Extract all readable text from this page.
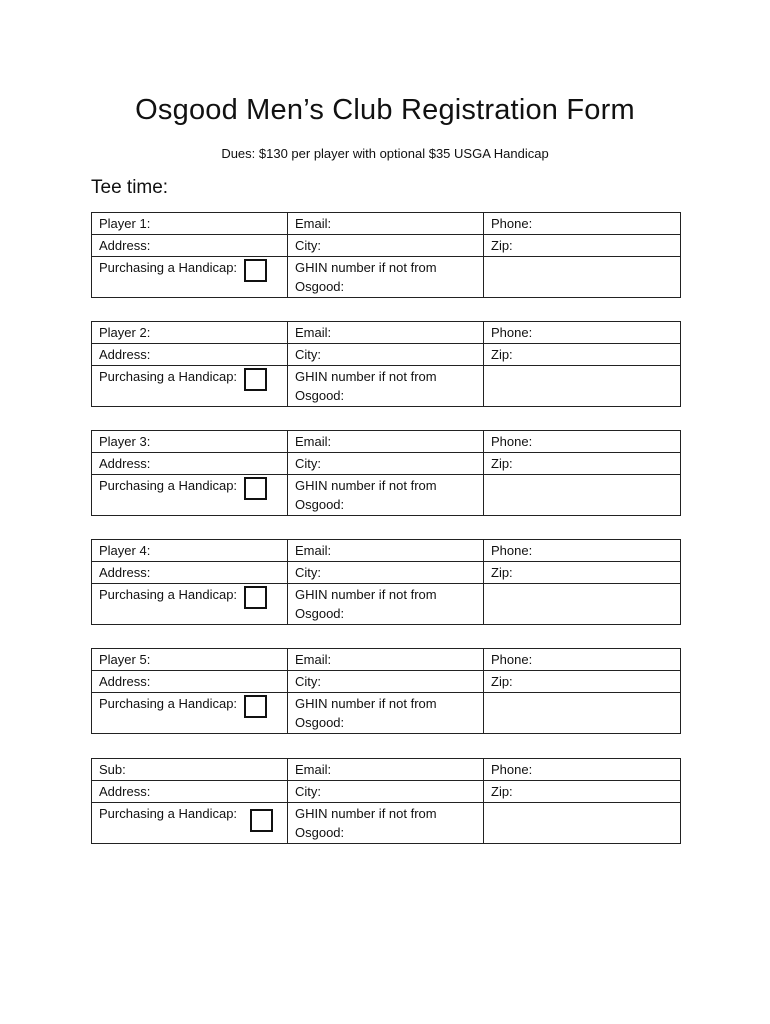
Osgood Men’s Club Registration Form
Dues: $130 per player with optional $35 USGA Handicap
Tee time:
Player 1:	Email:	Phone:
Address:	City:	Zip:
Purchasing a Handicap:	GHIN number if not from Osgood:	
Player 2:	Email:	Phone:
Address:	City:	Zip:
Purchasing a Handicap:	GHIN number if not from Osgood:	
Player 3:	Email:	Phone:
Address:	City:	Zip:
Purchasing a Handicap:	GHIN number if not from Osgood:	
Player 4:	Email:	Phone:
Address:	City:	Zip:
Purchasing a Handicap:	GHIN number if not from Osgood:	
Player 5:	Email:	Phone:
Address:	City:	Zip:
Purchasing a Handicap:	GHIN number if not from Osgood:	
Sub:	Email:	Phone:
Address:	City:	Zip:
Purchasing a Handicap:	GHIN number if not from Osgood:	
